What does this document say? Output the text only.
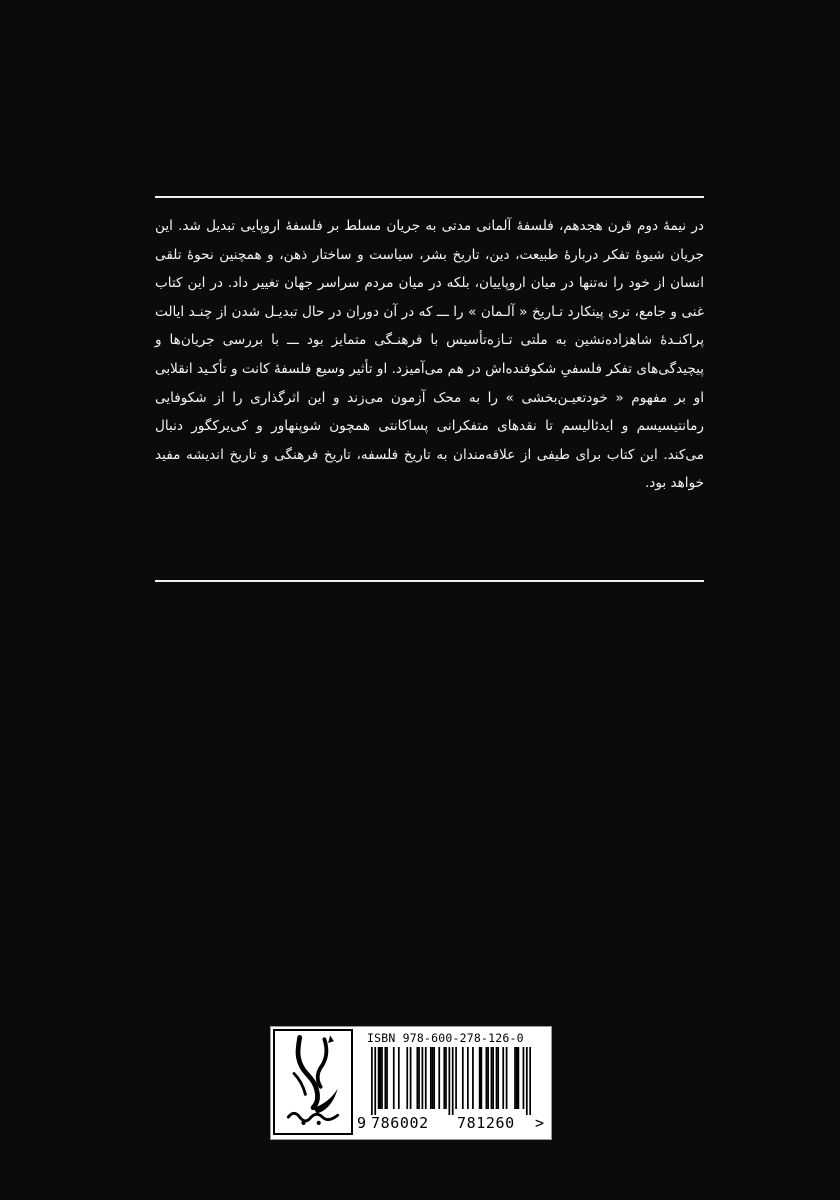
در نیمهٔ دوم قرن هجدهم، فلسفهٔ آلمانی مدتی به جریان مسلط بر فلسفهٔ اروپایی تبدیل شد. این جریان شیوهٔ تفکر دربارهٔ طبیعت، دین، تاریخ بشر، سیاست و ساختار ذهن، و همچنین نحوهٔ تلقی انسان از خود را نه‌تنها در میان اروپاییان، بلکه در میان مردم سراسر جهان تغییر داد. در این کتاب غنی و جامع، تری پینکارد تـاریخ « آلـمان » را ـــ که در آن دوران در حال تبدیـل شدن از چنـد ایالت پراکنـدهٔ شاهزاده‌نشین به ملتی تـازه‌تأسیس با فرهنـگی متمایز بود ـــ با بررسی جریان‌ها و پیچیدگی‌های تفکر فلسفیِ شکوفنده‌اش در هم می‌آمیزد. او تأثیر وسیع فلسفهٔ کانت و تأکـید انقلابی او بر مفهوم « خودتعیـن‌بخشی » را به محک آزمون می‌زند و این اثرگذاری را از شکوفایی رمانتیسیسم و ایدئالیسم تا نقدهای متفکرانی پساکانتی همچون شوپنهاور و کی‌یرکگور دنبال می‌کند. این کتاب برای طیفی از علاقه‌مندان به تاریخ فلسفه، تاریخ فرهنگی و تاریخ اندیشه مفید خواهد بود.

ISBN 978-600-278-126-0
9 786002	781260	>
